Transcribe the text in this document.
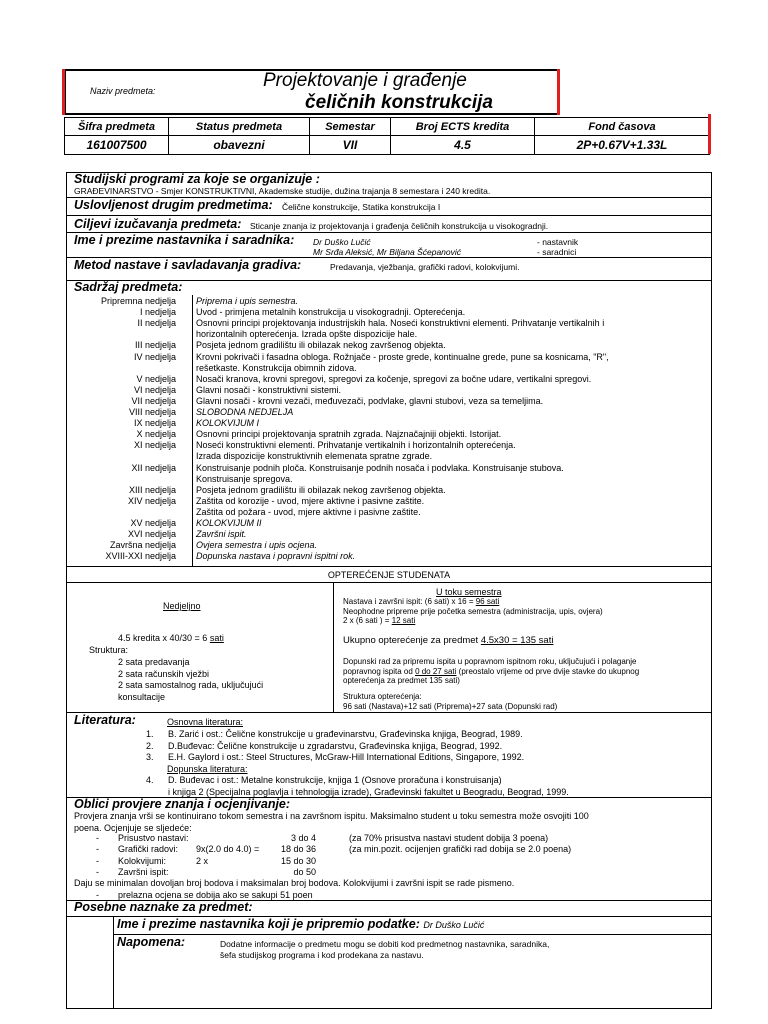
Naziv predmeta:	Projektovanje i građenje
čeličnih konstrukcija
Šifra predmeta	Status predmeta	Semestar	Broj ECTS kredita	Fond časova
161007500	obavezni	VII	4.5	2P+0.67V+1.33L
Studijski programi za koje se organizuje :
GRAĐEVINARSTVO - Smjer KONSTRUKTIVNI, Akademske studije, dužina trajanja 8 semestara i 240 kredita.
Uslovljenost drugim predmetima: Čelične konstrukcije, Statika konstrukcija I
Ciljevi izučavanja predmeta: Sticanje znanja iz projektovanja i građenja čeličnih konstrukcija u visokogradnji.
Ime i prezime nastavnika i saradnika: Dr Duško Lučić	- nastavnik
Mr Srđa Aleksić, Mr Biljana Šćepanović	- saradnici
Metod nastave i savladavanja gradiva:	Predavanja, vježbanja, grafički radovi, kolokvijumi.
Sadržaj predmeta:
Pripremna nedjelja Priprema i upis semestra.
I nedjelja Uvod - primjena metalnih konstrukcija u visokogradnji. Opterećenja.
II nedjelja Osnovni principi projektovanja industrijskih hala. Noseći konstruktivni elementi. Prihvatanje vertikalnih i
horizontalnih opterećenja. Izrada opšte dispozicije hale.
III nedjelja Posjeta jednom gradilištu ili obilazak nekog završenog objekta.
IV nedjelja Krovni pokrivači i fasadna obloga. Rožnjače - proste grede, kontinualne grede, pune sa kosnicama, "R",
rešetkaste. Konstrukcija obimnih zidova.
V nedjelja Nosači kranova, krovni spregovi, spregovi za kočenje, spregovi za bočne udare, vertikalni spregovi.
VI nedjelja Glavni nosači - konstruktivni sistemi.
VII nedjelja Glavni nosači - krovni vezači, međuvezači, podvlake, glavni stubovi, veza sa temeljima.
VIII nedjelja SLOBODNA NEDJELJA
IX nedjelja KOLOKVIJUM I
X nedjelja Osnovni principi projektovanja spratnih zgrada. Najznačajniji objekti. Istorijat.
XI nedjelja Noseći konstruktivni elementi. Prihvatanje vertikalnih i horizontalnih opterećenja.
Izrada dispozicije konstruktivnih elemenata spratne zgrade.
XII nedjelja Konstruisanje podnih ploča. Konstruisanje podnih nosača i podvlaka. Konstruisanje stubova.
Konstruisanje spregova.
XIII nedjelja Posjeta jednom gradilištu ili obilazak nekog završenog objekta.
XIV nedjelja Zaštita od korozije - uvod, mjere aktivne i pasivne zaštite.
Zaštita od požara - uvod, mjere aktivne i pasivne zaštite.
XV nedjelja KOLOKVIJUM II
XVI nedjelja Završni ispit.
Završna nedjelja Ovjera semestra i upis ocjena.
XVIII-XXI nedjelja Dopunska nastava i popravni ispitni rok.
OPTEREĆENJE STUDENATA
Nedjeljno
4.5 kredita x 40/30 = 6 sati
Struktura:
2 sata predavanja
2 sata računskih vježbi
2 sata samostalnog rada, uključujući
konsultacije
U toku semestra
Nastava i završni ispit: (6 sati) x 16 = 96 sati
Neophodne pripreme prije početka semestra (administracija, upis, ovjera)
2 x (6 sati ) = 12 sati
Ukupno opterećenje za predmet 4.5x30 = 135 sati
Dopunski rad za pripremu ispita u popravnom ispitnom roku, uključujući i polaganje
popravnog ispita od 0 do 27 sati (preostalo vrijeme od prve dvije stavke do ukupnog
opterećenja za predmet 135 sati)
Struktura opterećenja:
96 sati (Nastava)+12 sati (Priprema)+27 sata (Dopunski rad)
Literatura:	Osnovna literatura:
1. B. Zarić i ost.: Čelične konstrukcije u građevinarstvu, Građevinska knjiga, Beograd, 1989.
2. D.Buđevac: Čelične konstrukcije u zgradarstvu, Građevinska knjiga, Beograd, 1992.
3. E.H. Gaylord i ost.: Steel Structures, McGraw-Hill International Editions, Singapore, 1992.
Dopunska literatura:
4. D. Buđevac i ost.: Metalne konstrukcije, knjiga 1 (Osnove proračuna i konstruisanja)
i knjiga 2 (Specijalna poglavlja i tehnologija izrade), Građevinski fakultet u Beogradu, Beograd, 1999.
Oblici provjere znanja i ocjenjivanje:
Provjera znanja vrši se kontinuirano tokom semestra i na završnom ispitu. Maksimalno student u toku semestra može osvojiti 100
poena. Ocjenjuje se sljedeće:
- Prisustvo nastavi:	3 do 4	(za 70% prisustva nastavi student dobija 3 poena)
- Grafički radovi: 9x(2.0 do 4.0) =	18 do 36	(za min.pozit. ocijenjen grafički rad dobija se 2.0 poena)
- Kolokvijumi:	2 x	15 do 30
- Završni ispit:	do 50
Daju se minimalan dovoljan broj bodova i maksimalan broj bodova. Kolokvijumi i završni ispit se rade pismeno.
- prelazna ocjena se dobija ako se sakupi 51 poen
Posebne naznake za predmet:
Ime i prezime nastavnika koji je pripremio podatke: Dr Duško Lučić
Napomena:	Dodatne informacije o predmetu mogu se dobiti kod predmetnog nastavnika, saradnika,
šefa studijskog programa i kod prodekana za nastavu.
